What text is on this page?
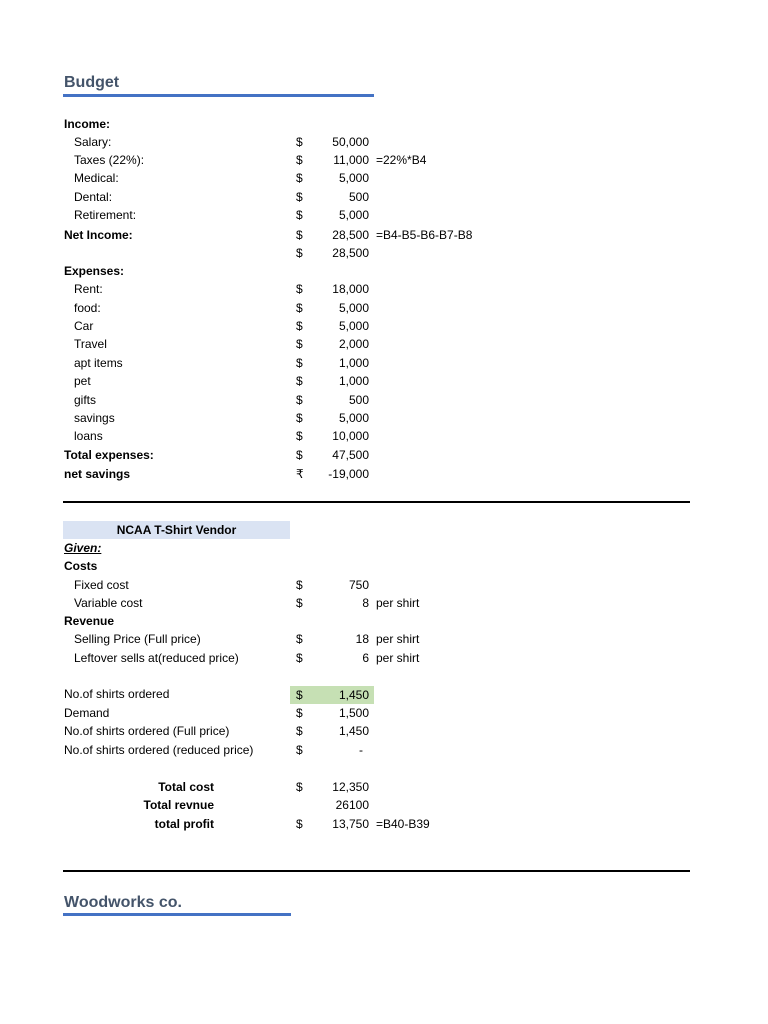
Budget
Income:
Salary:	$	50,000
Taxes (22%):	$	11,000 =22%*B4
Medical:	$	5,000
Dental:	$	500
Retirement:	$	5,000
Net Income:	$	28,500 =B4-B5-B6-B7-B8
$	28,500
Expenses:
Rent:	$	18,000
food:	$	5,000
Car	$	5,000
Travel	$	2,000
apt items	$	1,000
pet	$	1,000
gifts	$	500
savings	$	5,000
loans	$	10,000
Total expenses:	$	47,500
net savings	₹	-19,000
NCAA T-Shirt Vendor
Given:
Costs
Fixed cost	$	750
Variable cost	$	8 per shirt
Revenue
Selling Price (Full price)	$	18 per shirt
Leftover sells at(reduced price)	$	6 per shirt
No.of shirts ordered	$	1,450
Demand	$	1,500
No.of shirts ordered (Full price)	$	1,450
No.of shirts ordered (reduced price)	$	-
Total cost	$	12,350
Total revnue	26100
total profit	$	13,750 =B40-B39
Woodworks co.
